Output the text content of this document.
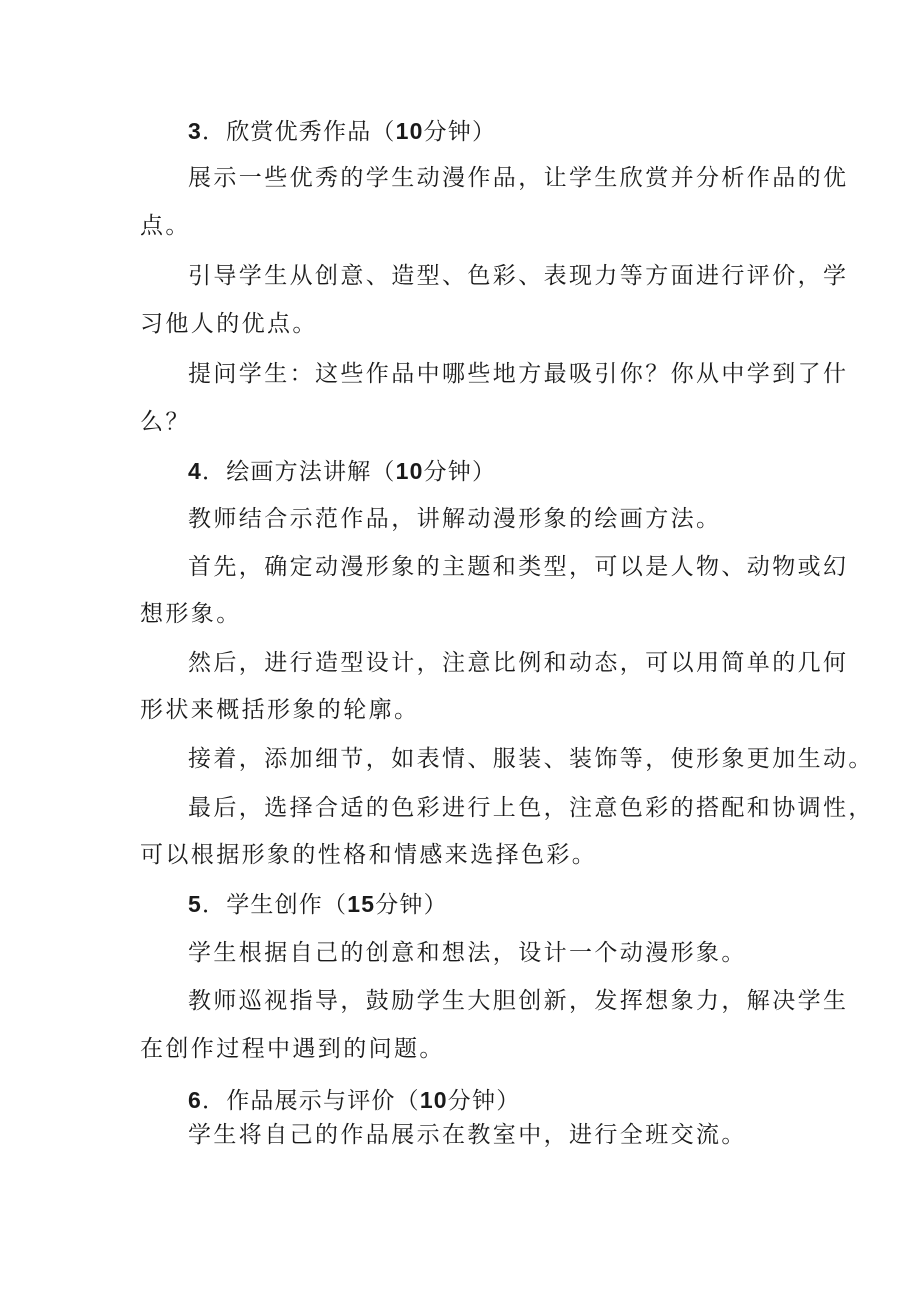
3．欣赏优秀作品（10分钟）
展示一些优秀的学生动漫作品，让学生欣赏并分析作品的优
点。
引导学生从创意、造型、色彩、表现力等方面进行评价，学
习他人的优点。
提问学生：这些作品中哪些地方最吸引你？你从中学到了什
么？
4．绘画方法讲解（10分钟）
教师结合示范作品，讲解动漫形象的绘画方法。
首先，确定动漫形象的主题和类型，可以是人物、动物或幻
想形象。
然后，进行造型设计，注意比例和动态，可以用简单的几何
形状来概括形象的轮廓。
接着，添加细节，如表情、服装、装饰等，使形象更加生动。
最后，选择合适的色彩进行上色，注意色彩的搭配和协调性，
可以根据形象的性格和情感来选择色彩。
5．学生创作（15分钟）
学生根据自己的创意和想法，设计一个动漫形象。
教师巡视指导，鼓励学生大胆创新，发挥想象力，解决学生
在创作过程中遇到的问题。
6．作品展示与评价（10分钟）
学生将自己的作品展示在教室中，进行全班交流。
